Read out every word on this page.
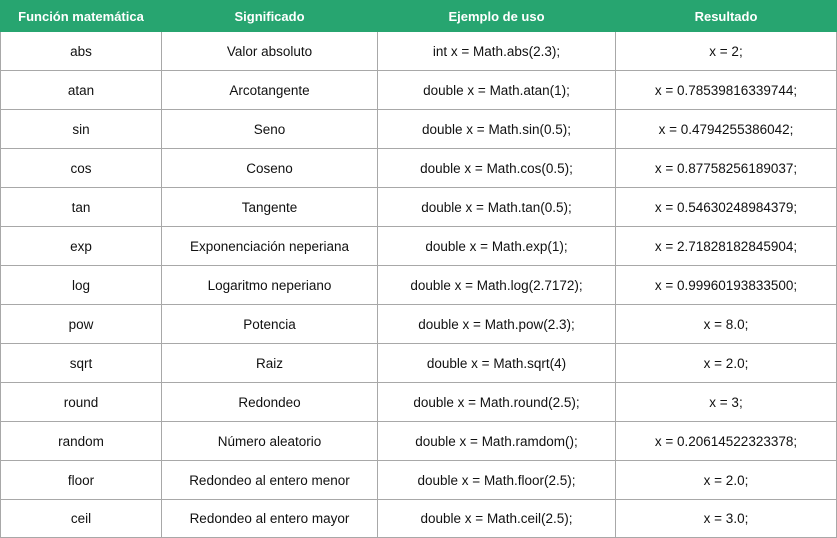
Función matemática	Significado	Ejemplo de uso	Resultado
abs	Valor absoluto	int x = Math.abs(2.3);	x = 2;
atan	Arcotangente	double x = Math.atan(1);	x = 0.78539816339744;
sin	Seno	double x = Math.sin(0.5);	x = 0.4794255386042;
cos	Coseno	double x = Math.cos(0.5);	x = 0.87758256189037;
tan	Tangente	double x = Math.tan(0.5);	x = 0.54630248984379;
exp	Exponenciación neperiana	double x = Math.exp(1);	x = 2.71828182845904;
log	Logaritmo neperiano	double x = Math.log(2.7172);	x = 0.99960193833500;
pow	Potencia	double x = Math.pow(2.3);	x = 8.0;
sqrt	Raiz	double x = Math.sqrt(4)	x = 2.0;
round	Redondeo	double x = Math.round(2.5);	x = 3;
random	Número aleatorio	double x = Math.ramdom();	x = 0.20614522323378;
floor	Redondeo al entero menor	double x = Math.floor(2.5);	x = 2.0;
ceil	Redondeo al entero mayor	double x = Math.ceil(2.5);	x = 3.0;
